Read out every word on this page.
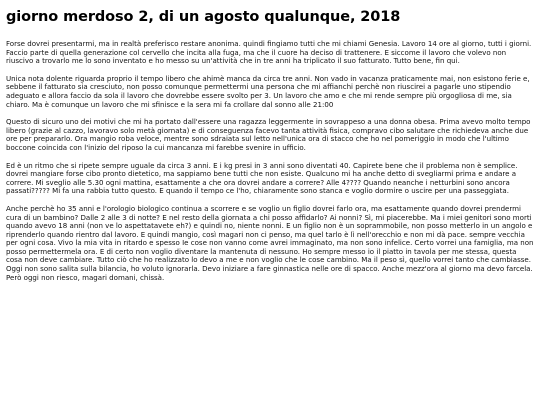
giorno merdoso 2, di un agosto qualunque, 2018

Forse dovrei presentarmi, ma in realtà preferisco restare anonima. quindi fingiamo tutti che mi chiami Genesia. Lavoro 14 ore al giorno, tutti i giorni. Faccio parte di quella generazione col cervello che incita alla fuga, ma che il cuore ha deciso di trattenere. E siccome il lavoro che volevo non riuscivo a trovarlo me lo sono inventato e ho messo su un'attività che in tre anni ha triplicato il suo fatturato. Tutto bene, fin qui.

Unica nota dolente riguarda proprio il tempo libero che ahimè manca da circa tre anni. Non vado in vacanza praticamente mai, non esistono ferie e, sebbene il fatturato sia cresciuto, non posso comunque permettermi una persona che mi affianchi perchè non riuscirei a pagarle uno stipendio adeguato e allora faccio da sola il lavoro che dovrebbe essere svolto per 3. Un lavoro che amo e che mi rende sempre più orgogliosa di me, sia chiaro. Ma è comunque un lavoro che mi sfinisce e la sera mi fa crollare dal sonno alle 21:00

Questo di sicuro uno dei motivi che mi ha portato dall'essere una ragazza leggermente in sovrappeso a una donna obesa. Prima avevo molto tempo libero (grazie al cazzo, lavoravo solo metà giornata) e di conseguenza facevo tanta attività fisica, compravo cibo salutare che richiedeva anche due ore per prepararlo. Ora mangio roba veloce, mentre sono sdraiata sul letto nell'unica ora di stacco che ho nel pomeriggio in modo che l'ultimo boccone coincida con l'inizio del riposo la cui mancanza mi farebbe svenire in ufficio.

Ed è un ritmo che si ripete sempre uguale da circa 3 anni. E i kg presi in 3 anni sono diventati 40. Capirete bene che il problema non è semplice. dovrei mangiare forse cibo pronto dietetico, ma sappiamo bene tutti che non esiste. Qualcuno mi ha anche detto di svegliarmi prima e andare a correre. Mi sveglio alle 5.30 ogni mattina, esattamente a che ora dovrei andare a correre? Alle 4???? Quando neanche i netturbini sono ancora passati????? Mi fa una rabbia tutto questo. E quando il tempo ce l'ho, chiaramente sono stanca e voglio dormire o uscire per una passeggiata.

Anche perchè ho 35 anni e l'orologio biologico continua a scorrere e se voglio un figlio dovrei farlo ora, ma esattamente quando dovrei prendermi cura di un bambino? Dalle 2 alle 3 di notte? E nel resto della giornata a chi posso affidarlo? Ai nonni? Sì, mi piacerebbe. Ma i miei genitori sono morti quando avevo 18 anni (non ve lo aspettatavete eh?) e quindi no, niente nonni. E un figlio non è un soprammobile, non posso metterlo in un angolo e riprenderlo quando rientro dal lavoro. E quindi mangio, così magari non ci penso, ma quel tarlo è lì nell'orecchio e non mi dà pace. sempre vecchia per ogni cosa. Vivo la mia vita in ritardo e spesso Ie cose non vanno come avrei immaginato, ma non sono infelice. Certo vorrei una famiglia, ma non posso permettermela ora. E di certo non voglio diventare la mantenuta di nessuno. Ho sempre messo io il piatto in tavola per me stessa, questa cosa non deve cambiare. Tutto ciò che ho realizzato lo devo a me e non voglio che le cose cambino. Ma il peso sì, quello vorrei tanto che cambiasse. Oggi non sono salita sulla bilancia, ho voluto ignorarla. Devo iniziare a fare ginnastica nelle ore di spacco. Anche mezz'ora al giorno ma devo farcela. Però oggi non riesco, magari domani, chissà.
